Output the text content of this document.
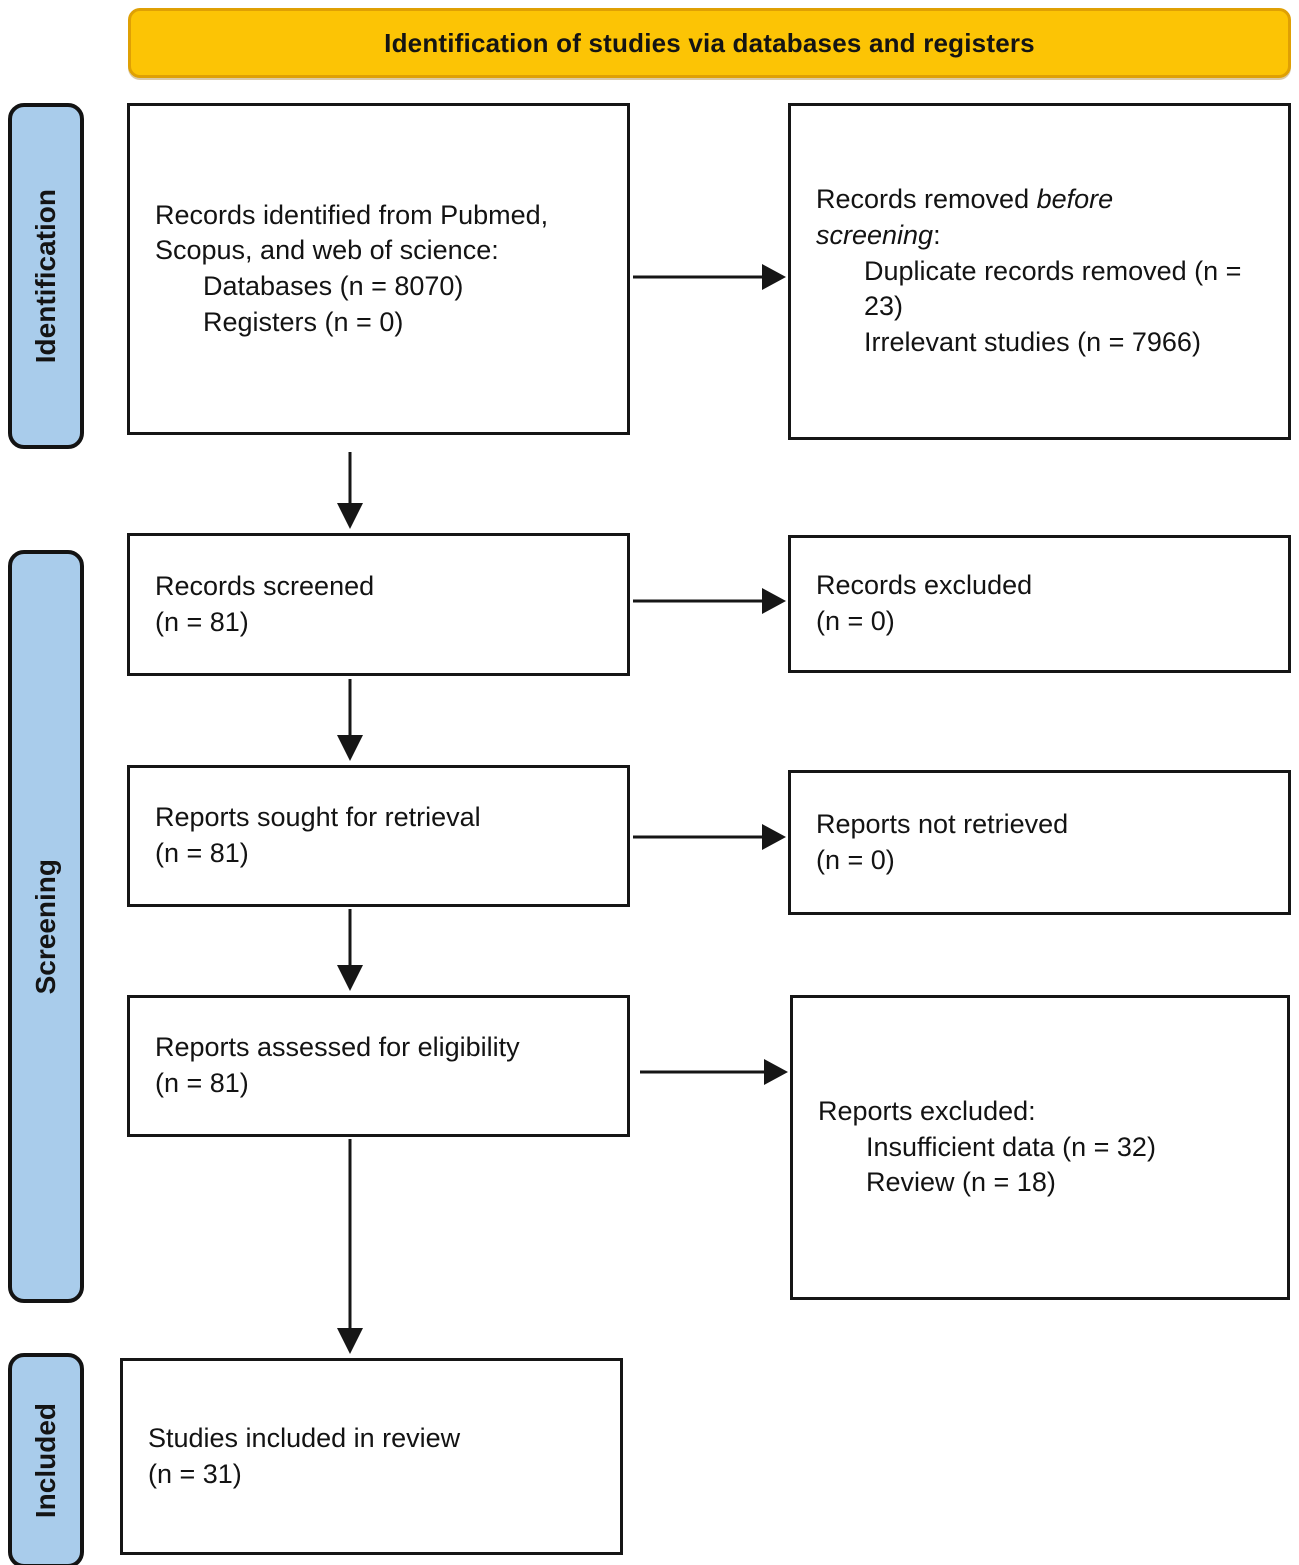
Identification of studies via databases and registers
Identification
Screening
Included
Records identified from Pubmed, Scopus, and web of science:
Databases (n = 8070)
Registers (n = 0)
Records removed before screening:
Duplicate records removed (n = 23)
Irrelevant studies (n = 7966)
Records screened
(n = 81)
Records excluded
(n = 0)
Reports sought for retrieval
(n = 81)
Reports not retrieved
(n = 0)
Reports assessed for eligibility
(n = 81)
Reports excluded:
Insufficient data (n = 32)
Review (n = 18)
Studies included in review
(n = 31)
